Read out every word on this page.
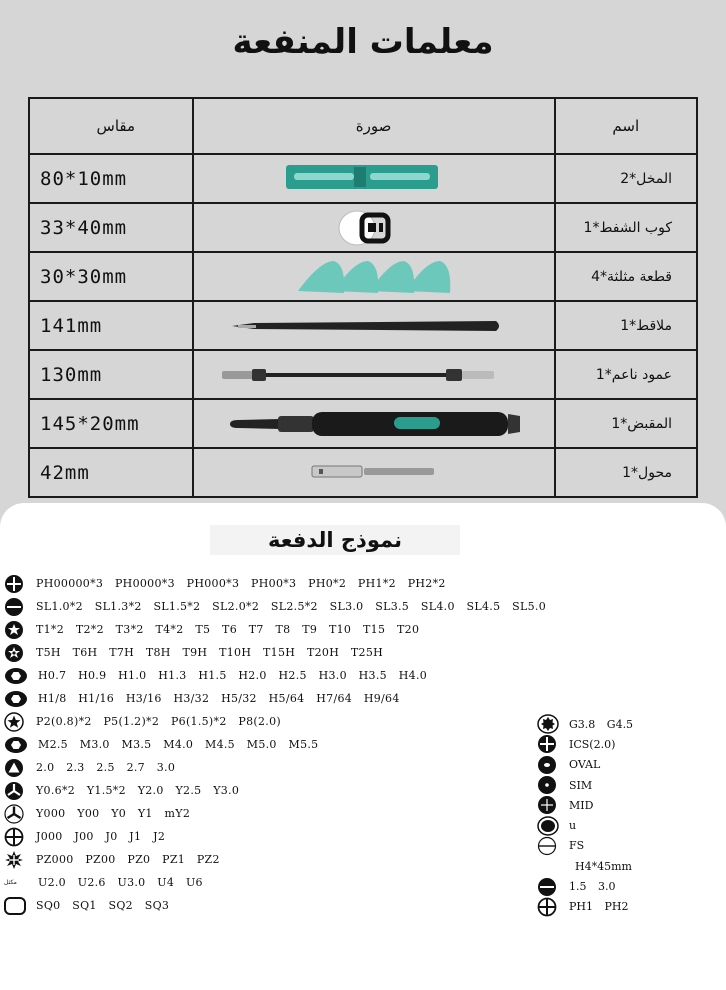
معلمات المنفعة
مقاس	صورة	اسم
80*10mm		المخل*2
33*40mm		كوب الشفط*1
30*30mm		قطعة مثلثة*4
141mm		ملاقط*1
130mm		عمود ناعم*1
145*20mm		المقبض*1
42mm		محول*1
نموذج الدفعة
PH00000*3 PH0000*3 PH000*3 PH00*3 PH0*2 PH1*2 PH2*2
SL1.0*2 SL1.3*2 SL1.5*2 SL2.0*2 SL2.5*2 SL3.0 SL3.5 SL4.0 SL4.5 SL5.0
T1*2 T2*2 T3*2 T4*2 T5 T6 T7 T8 T9 T10 T15 T20
T5H T6H T7H T8H T9H T10H T15H T20H T25H
H0.7 H0.9 H1.0 H1.3 H1.5 H2.0 H2.5 H3.0 H3.5 H4.0
H1/8 H1/16 H3/16 H3/32 H5/32 H5/64 H7/64 H9/64
P2(0.8)*2 P5(1.2)*2 P6(1.5)*2 P8(2.0)
M2.5 M3.0 M3.5 M4.0 M4.5 M5.0 M5.5
2.0 2.3 2.5 2.7 3.0
Y0.6*2 Y1.5*2 Y2.0 Y2.5 Y3.0
Y000 Y00 Y0 Y1 mY2
J000 J00 J0 J1 J2
PZ000 PZ00 PZ0 PZ1 PZ2
مكثل	U2.0 U2.6 U3.0 U4 U6
SQ0 SQ1 SQ2 SQ3
G3.8 G4.5
ICS(2.0)
OVAL
SIM
MID
u
FS
H4*45mm
1.5 3.0
PH1 PH2
